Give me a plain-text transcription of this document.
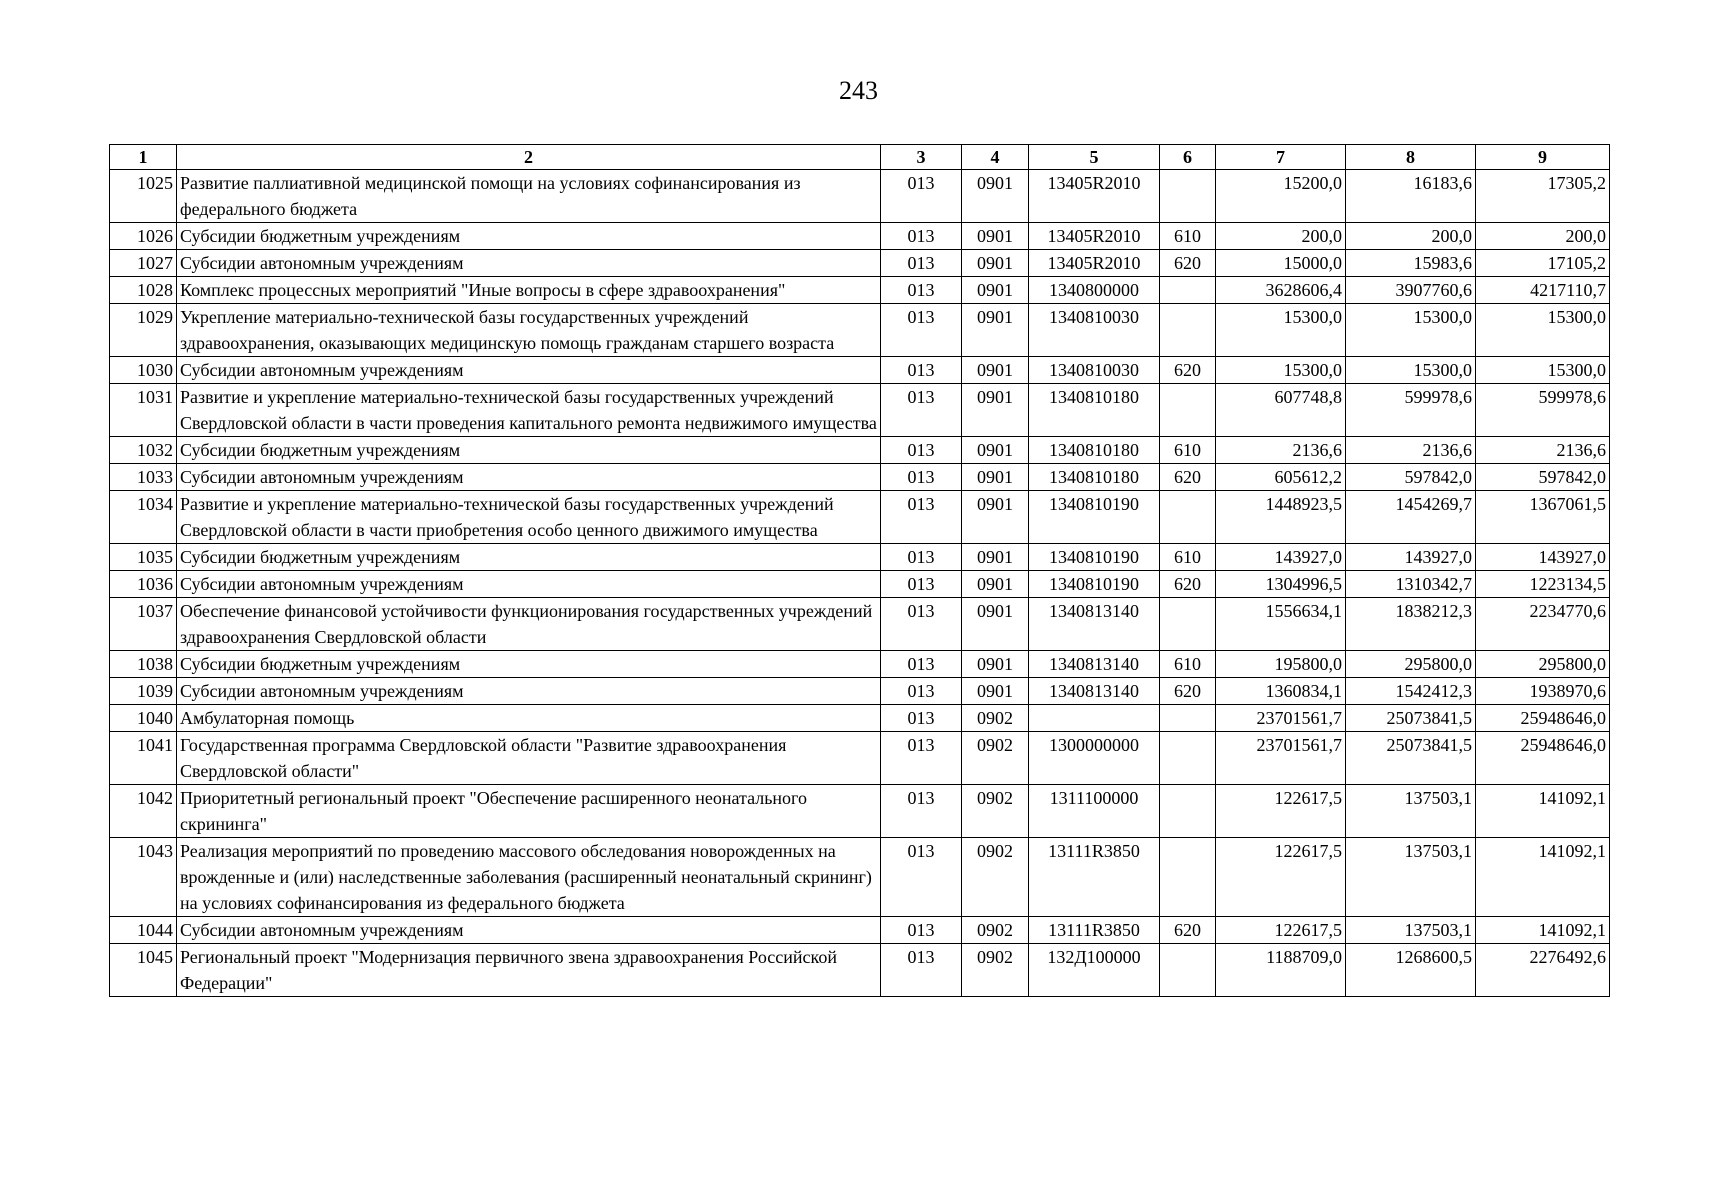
243
1	2	3	4	5	6	7	8	9
1025	Развитие паллиативной медицинской помощи на условиях софинансирования из федерального бюджета	013	0901	13405R2010		15200,0	16183,6	17305,2
1026	Субсидии бюджетным учреждениям	013	0901	13405R2010	610	200,0	200,0	200,0
1027	Субсидии автономным учреждениям	013	0901	13405R2010	620	15000,0	15983,6	17105,2
1028	Комплекс процессных мероприятий "Иные вопросы в сфере здравоохранения"	013	0901	1340800000		3628606,4	3907760,6	4217110,7
1029	Укрепление материально-технической базы государственных учреждений здравоохранения, оказывающих медицинскую помощь гражданам старшего возраста	013	0901	1340810030		15300,0	15300,0	15300,0
1030	Субсидии автономным учреждениям	013	0901	1340810030	620	15300,0	15300,0	15300,0
1031	Развитие и укрепление материально-технической базы государственных учреждений Свердловской области в части проведения капитального ремонта недвижимого имущества	013	0901	1340810180		607748,8	599978,6	599978,6
1032	Субсидии бюджетным учреждениям	013	0901	1340810180	610	2136,6	2136,6	2136,6
1033	Субсидии автономным учреждениям	013	0901	1340810180	620	605612,2	597842,0	597842,0
1034	Развитие и укрепление материально-технической базы государственных учреждений Свердловской области в части приобретения особо ценного движимого имущества	013	0901	1340810190		1448923,5	1454269,7	1367061,5
1035	Субсидии бюджетным учреждениям	013	0901	1340810190	610	143927,0	143927,0	143927,0
1036	Субсидии автономным учреждениям	013	0901	1340810190	620	1304996,5	1310342,7	1223134,5
1037	Обеспечение финансовой устойчивости функционирования государственных учреждений здравоохранения Свердловской области	013	0901	1340813140		1556634,1	1838212,3	2234770,6
1038	Субсидии бюджетным учреждениям	013	0901	1340813140	610	195800,0	295800,0	295800,0
1039	Субсидии автономным учреждениям	013	0901	1340813140	620	1360834,1	1542412,3	1938970,6
1040	Амбулаторная помощь	013	0902			23701561,7	25073841,5	25948646,0
1041	Государственная программа Свердловской области "Развитие здравоохранения Свердловской области"	013	0902	1300000000		23701561,7	25073841,5	25948646,0
1042	Приоритетный региональный проект "Обеспечение расширенного неонатального скрининга"	013	0902	1311100000		122617,5	137503,1	141092,1
1043	Реализация мероприятий по проведению массового обследования новорожденных на врожденные и (или) наследственные заболевания (расширенный неонатальный скрининг) на условиях софинансирования из федерального бюджета	013	0902	13111R3850		122617,5	137503,1	141092,1
1044	Субсидии автономным учреждениям	013	0902	13111R3850	620	122617,5	137503,1	141092,1
1045	Региональный проект "Модернизация первичного звена здравоохранения Российской Федерации"	013	0902	132Д100000		1188709,0	1268600,5	2276492,6
